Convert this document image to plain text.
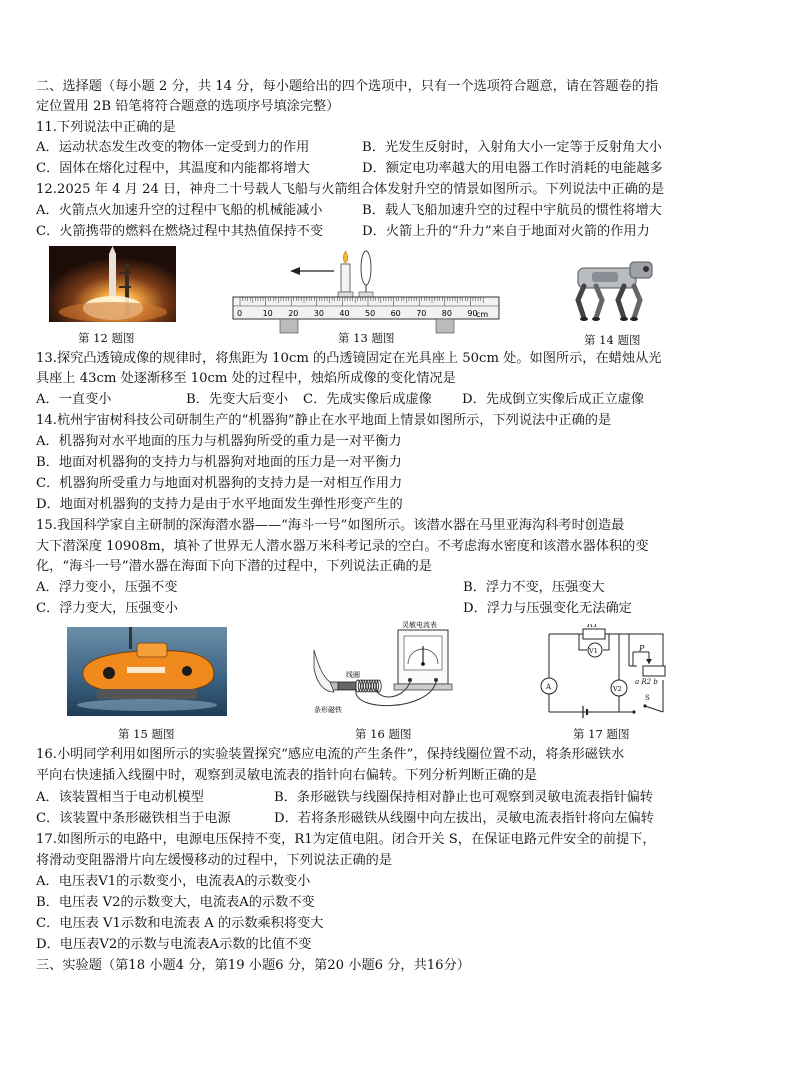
二、选择题（每小题 2 分，共 14 分，每小题给出的四个选项中，只有一个选项符合题意，请在答题卷的指
定位置用 2B 铅笔将符合题意的选项序号填涂完整）
11.下列说法中正确的是
A．运动状态发生改变的物体一定受到力的作用	B．光发生反射时，入射角大小一定等于反射角大小
C．固体在熔化过程中，其温度和内能都将增大	D．额定电功率越大的用电器工作时消耗的电能越多
12.2025 年 4 月 24 日，神舟二十号载人飞船与火箭组合体发射升空的情景如图所示。下列说法中正确的是
A．火箭点火加速升空的过程中飞船的机械能减小	B．载人飞船加速升空的过程中宇航员的惯性将增大
C．火箭携带的燃料在燃烧过程中其热值保持不变	D．火箭上升的“升力”来自于地面对火箭的作用力
第 12 题图
0	10 20 30 40 50 60 70 80 90
cm
第 13 题图	第 14 题图
13.探究凸透镜成像的规律时，将焦距为 10cm 的凸透镜固定在光具座上 50cm 处。如图所示，在蜡烛从光
具座上 43cm 处逐渐移至 10cm 处的过程中，烛焰所成像的变化情况是
A．一直变小	B．先变大后变小 C．先成实像后成虚像 D．先成倒立实像后成正立虚像
14.杭州宇宙树科技公司研制生产的“机器狗”静止在水平地面上情景如图所示，下列说法中正确的是
A．机器狗对水平地面的压力与机器狗所受的重力是一对平衡力
B．地面对机器狗的支持力与机器狗对地面的压力是一对平衡力
C．机器狗所受重力与地面对机器狗的支持力是一对相互作用力
D．地面对机器狗的支持力是由于水平地面发生弹性形变产生的
15.我国科学家自主研制的深海潜水器——“海斗一号”如图所示。该潜水器在马里亚海沟科考时创造最
大下潜深度 10908m，填补了世界无人潜水器万米科考记录的空白。不考虑海水密度和该潜水器体积的变
化，“海斗一号”潜水器在海面下向下潜的过程中，下列说法正确的是
A．浮力变小，压强不变	B．浮力不变，压强变大
C．浮力变大，压强变小	D．浮力与压强变化无法确定
第 15 题图
灵敏电流表
线圈
条形磁铁
第 16 题图
R1
V1
A	V2
P
a R2 b
S
第 17 题图
16.小明同学利用如图所示的实验装置探究“感应电流的产生条件”，保持线圈位置不动，将条形磁铁水
平向右快速插入线圈中时，观察到灵敏电流表的指针向右偏转。下列分析判断正确的是
A．该装置相当于电动机模型	B．条形磁铁与线圈保持相对静止也可观察到灵敏电流表指针偏转
C．该装置中条形磁铁相当于电源	D．若将条形磁铁从线圈中向左拔出，灵敏电流表指针将向左偏转
17.如图所示的电路中，电源电压保持不变，R1为定值电阻。闭合开关 S，在保证电路元件安全的前提下，
将滑动变阻器滑片向左缓慢移动的过程中，下列说法正确的是
A．电压表V1的示数变小，电流表A的示数变小
B．电压表 V2的示数变大，电流表A的示数不变
C．电压表 V1示数和电流表 A 的示数乘积将变大
D．电压表V2的示数与电流表A示数的比值不变
三、实验题（第18 小题4 分，第19 小题6 分，第20 小题6 分，共16分）
